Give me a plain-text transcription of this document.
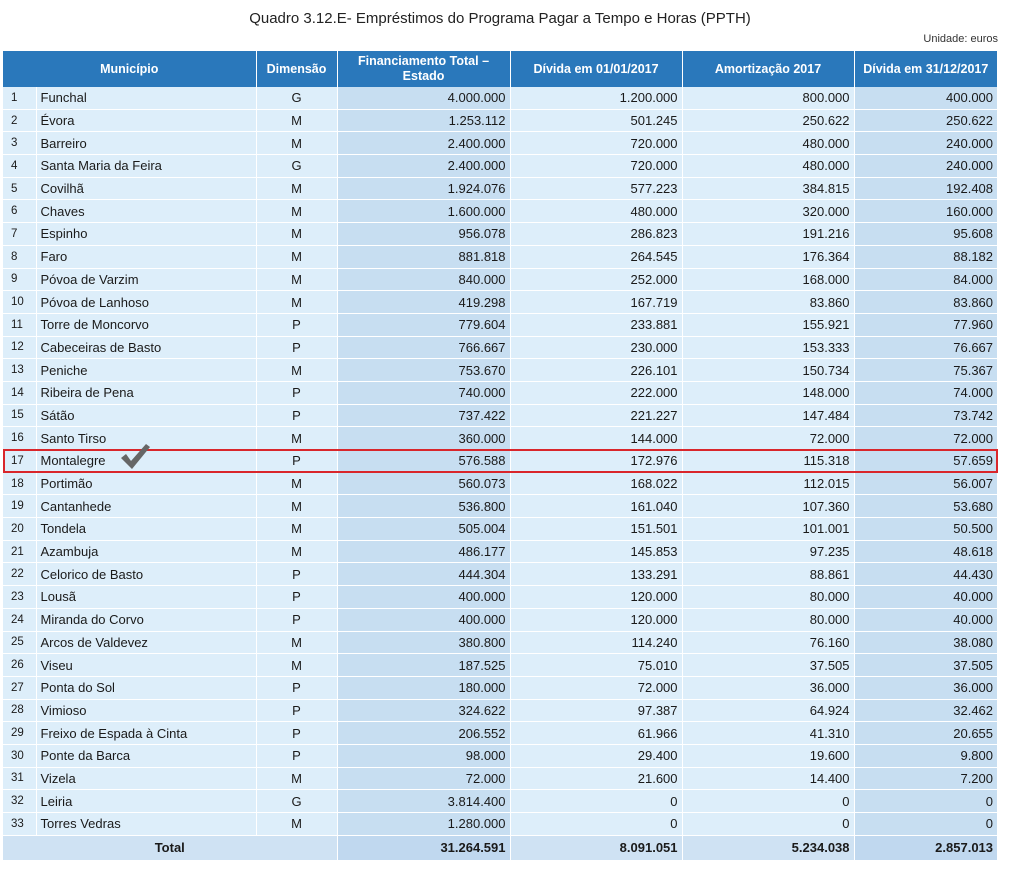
Quadro 3.12.E- Empréstimos do Programa Pagar a Tempo e Horas (PPTH)
Unidade: euros
Município		Dimensão	Financiamento Total – Estado	Dívida em 01/01/2017	Amortização 2017	Dívida em 31/12/2017
1	Funchal	G	4.000.000	1.200.000	800.000	400.000
2	Évora	M	1.253.112	501.245	250.622	250.622
3	Barreiro	M	2.400.000	720.000	480.000	240.000
4	Santa Maria da Feira	G	2.400.000	720.000	480.000	240.000
5	Covilhã	M	1.924.076	577.223	384.815	192.408
6	Chaves	M	1.600.000	480.000	320.000	160.000
7	Espinho	M	956.078	286.823	191.216	95.608
8	Faro	M	881.818	264.545	176.364	88.182
9	Póvoa de Varzim	M	840.000	252.000	168.000	84.000
10	Póvoa de Lanhoso	M	419.298	167.719	83.860	83.860
11	Torre de Moncorvo	P	779.604	233.881	155.921	77.960
12	Cabeceiras de Basto	P	766.667	230.000	153.333	76.667
13	Peniche	M	753.670	226.101	150.734	75.367
14	Ribeira de Pena	P	740.000	222.000	148.000	74.000
15	Sátão	P	737.422	221.227	147.484	73.742
16	Santo Tirso	M	360.000	144.000	72.000	72.000
17	Montalegre	P	576.588	172.976	115.318	57.659
18	Portimão	M	560.073	168.022	112.015	56.007
19	Cantanhede	M	536.800	161.040	107.360	53.680
20	Tondela	M	505.004	151.501	101.001	50.500
21	Azambuja	M	486.177	145.853	97.235	48.618
22	Celorico de Basto	P	444.304	133.291	88.861	44.430
23	Lousã	P	400.000	120.000	80.000	40.000
24	Miranda do Corvo	P	400.000	120.000	80.000	40.000
25	Arcos de Valdevez	M	380.800	114.240	76.160	38.080
26	Viseu	M	187.525	75.010	37.505	37.505
27	Ponta do Sol	P	180.000	72.000	36.000	36.000
28	Vimioso	P	324.622	97.387	64.924	32.462
29	Freixo de Espada à Cinta	P	206.552	61.966	41.310	20.655
30	Ponte da Barca	P	98.000	29.400	19.600	9.800
31	Vizela	M	72.000	21.600	14.400	7.200
32	Leiria	G	3.814.400	0	0	0
33	Torres Vedras	M	1.280.000	0	0	0
Total			31.264.591	8.091.051	5.234.038	2.857.013
